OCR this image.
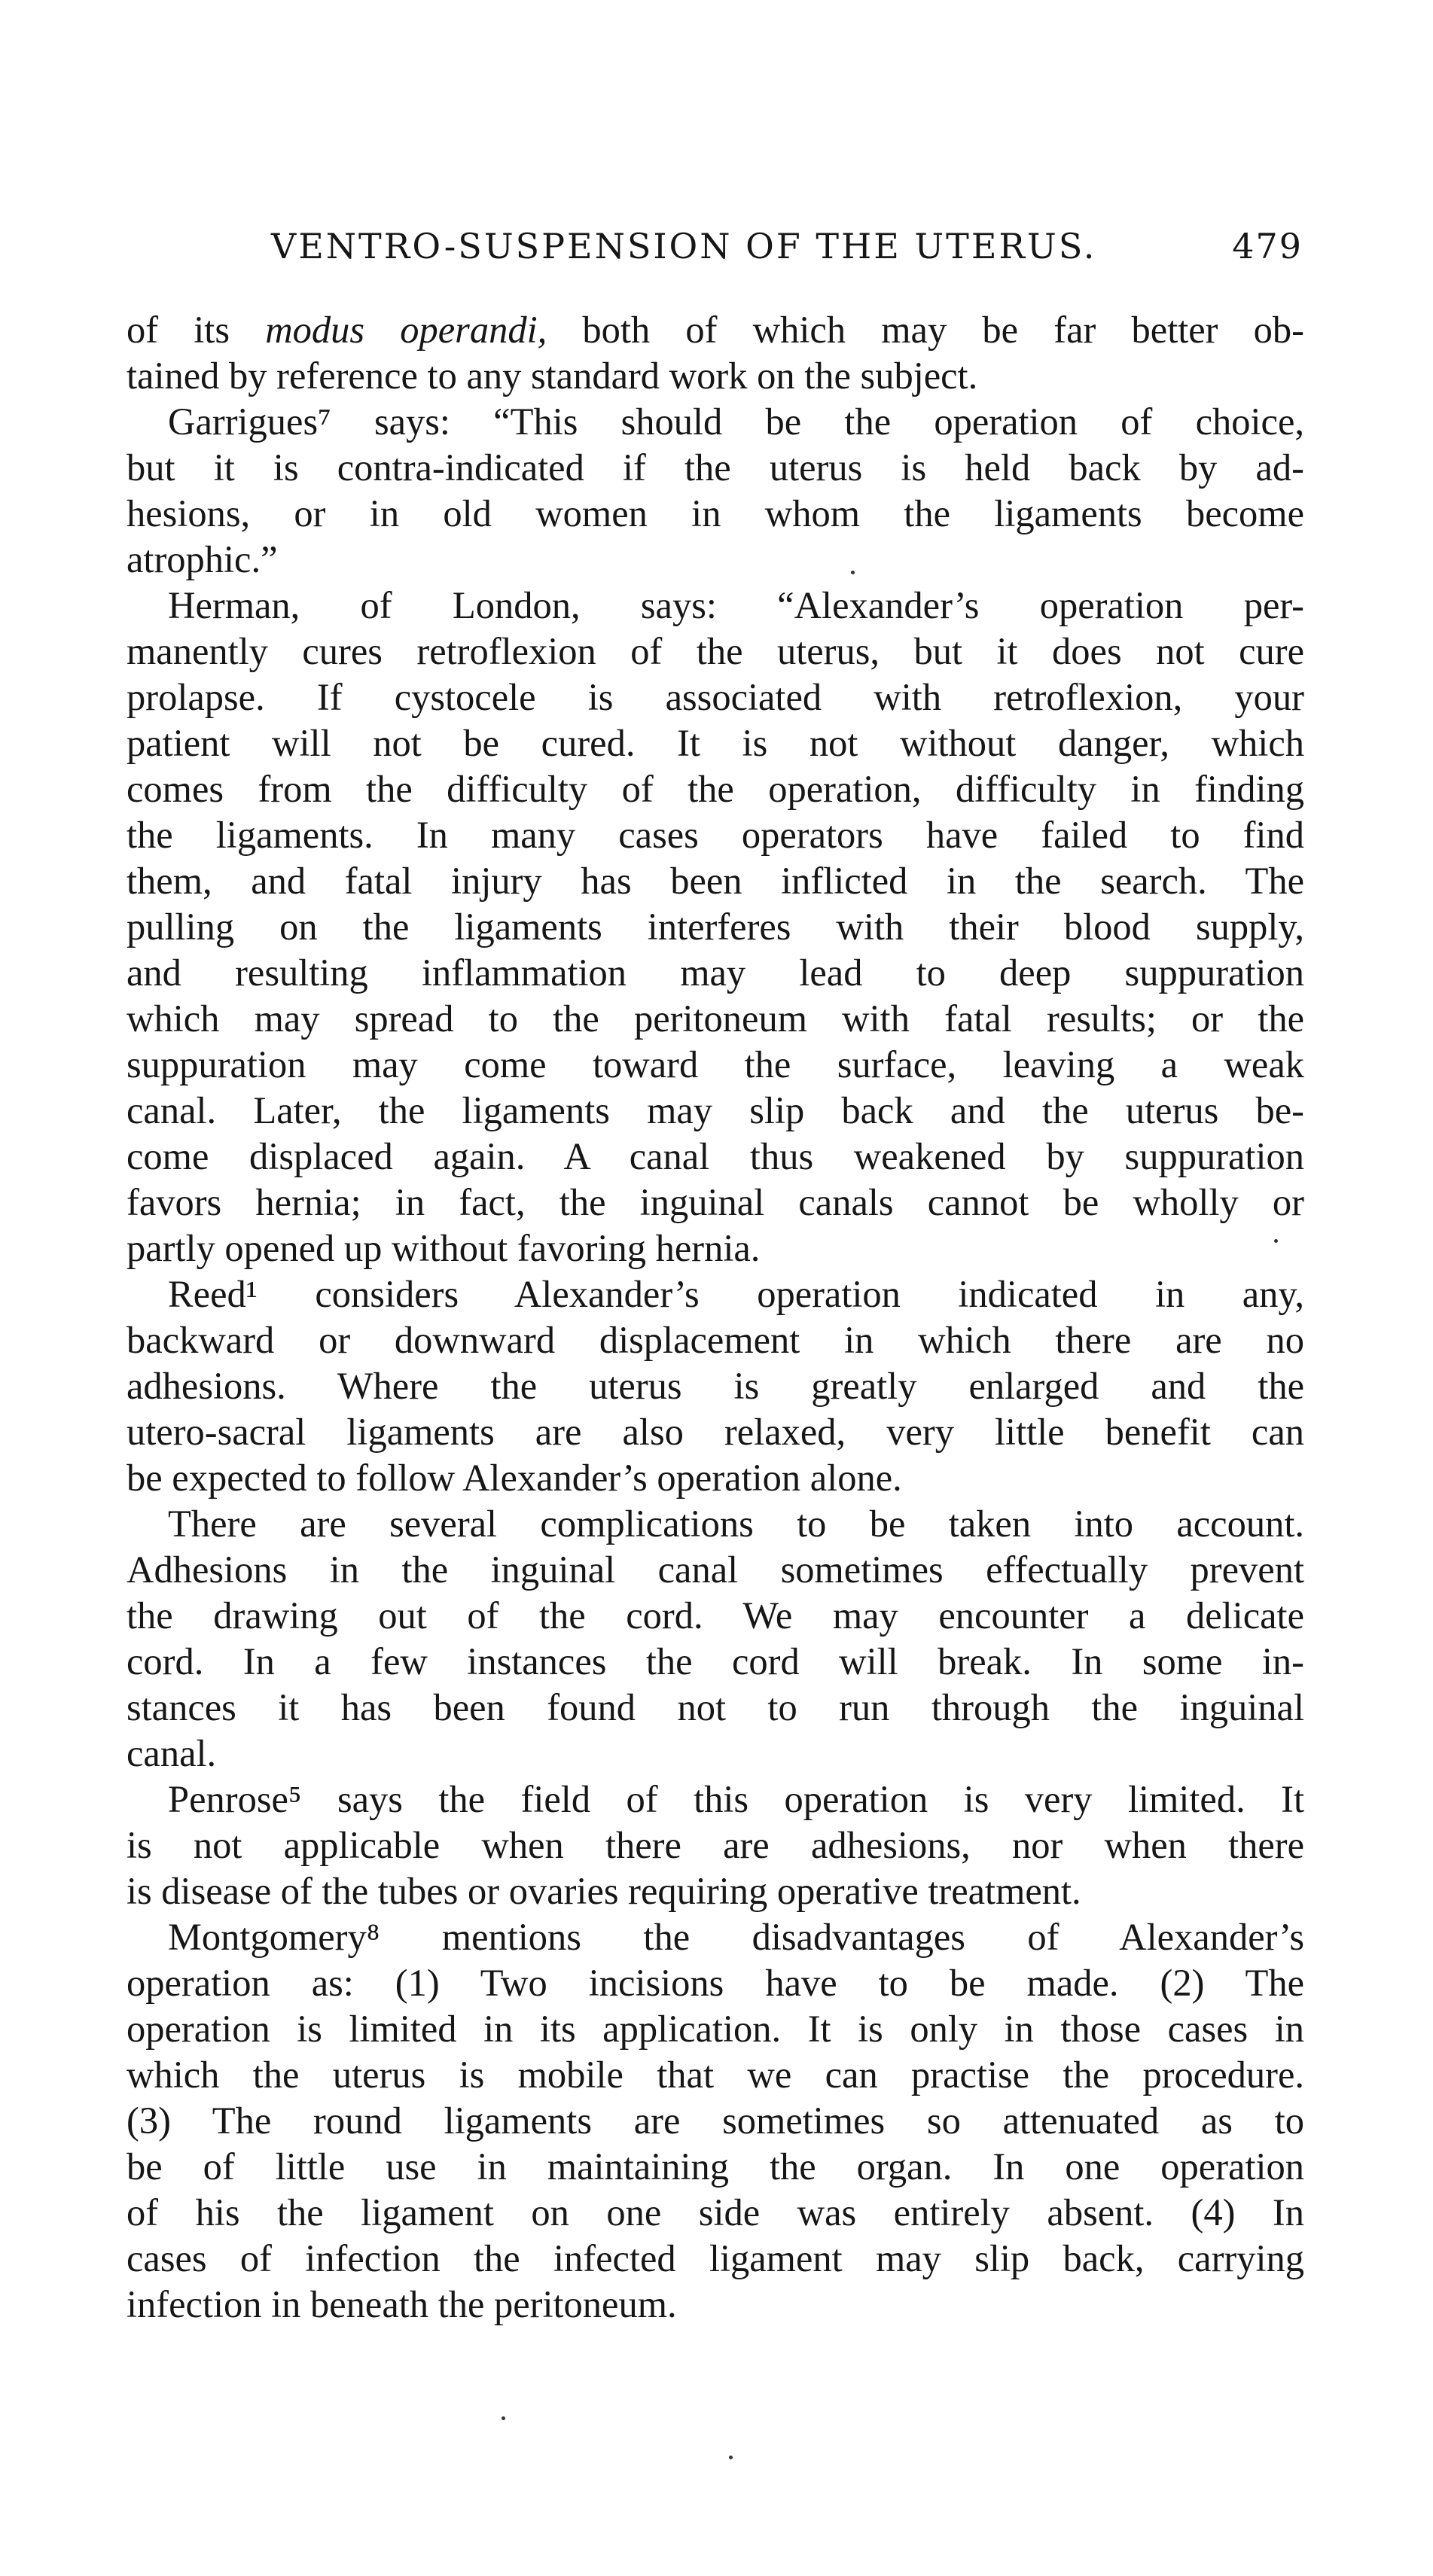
VENTRO-SUSPENSION OF THE UTERUS.	479
of its modus operandi, both of which may be far better ob-
tained by reference to any standard work on the subject.
Garrigues⁷ says: “This should be the operation of choice,
but it is contra-indicated if the uterus is held back by ad-
hesions, or in old women in whom the ligaments become
atrophic.”
Herman, of London, says: “Alexander’s operation per-
manently cures retroflexion of the uterus, but it does not cure
prolapse. If cystocele is associated with retroflexion, your
patient will not be cured. It is not without danger, which
comes from the difficulty of the operation, difficulty in finding
the ligaments. In many cases operators have failed to find
them, and fatal injury has been inflicted in the search. The
pulling on the ligaments interferes with their blood supply,
and resulting inflammation may lead to deep suppuration
which may spread to the peritoneum with fatal results; or the
suppuration may come toward the surface, leaving a weak
canal. Later, the ligaments may slip back and the uterus be-
come displaced again. A canal thus weakened by suppuration
favors hernia; in fact, the inguinal canals cannot be wholly or
partly opened up without favoring hernia.
Reed¹ considers Alexander’s operation indicated in any,
backward or downward displacement in which there are no
adhesions. Where the uterus is greatly enlarged and the
utero-sacral ligaments are also relaxed, very little benefit can
be expected to follow Alexander’s operation alone.
There are several complications to be taken into account.
Adhesions in the inguinal canal sometimes effectually prevent
the drawing out of the cord. We may encounter a delicate
cord. In a few instances the cord will break. In some in-
stances it has been found not to run through the inguinal
canal.
Penrose⁵ says the field of this operation is very limited. It
is not applicable when there are adhesions, nor when there
is disease of the tubes or ovaries requiring operative treatment.
Montgomery⁸ mentions the disadvantages of Alexander’s
operation as: (1) Two incisions have to be made. (2) The
operation is limited in its application. It is only in those cases in
which the uterus is mobile that we can practise the procedure.
(3) The round ligaments are sometimes so attenuated as to
be of little use in maintaining the organ. In one operation
of his the ligament on one side was entirely absent. (4) In
cases of infection the infected ligament may slip back, carrying
infection in beneath the peritoneum.
